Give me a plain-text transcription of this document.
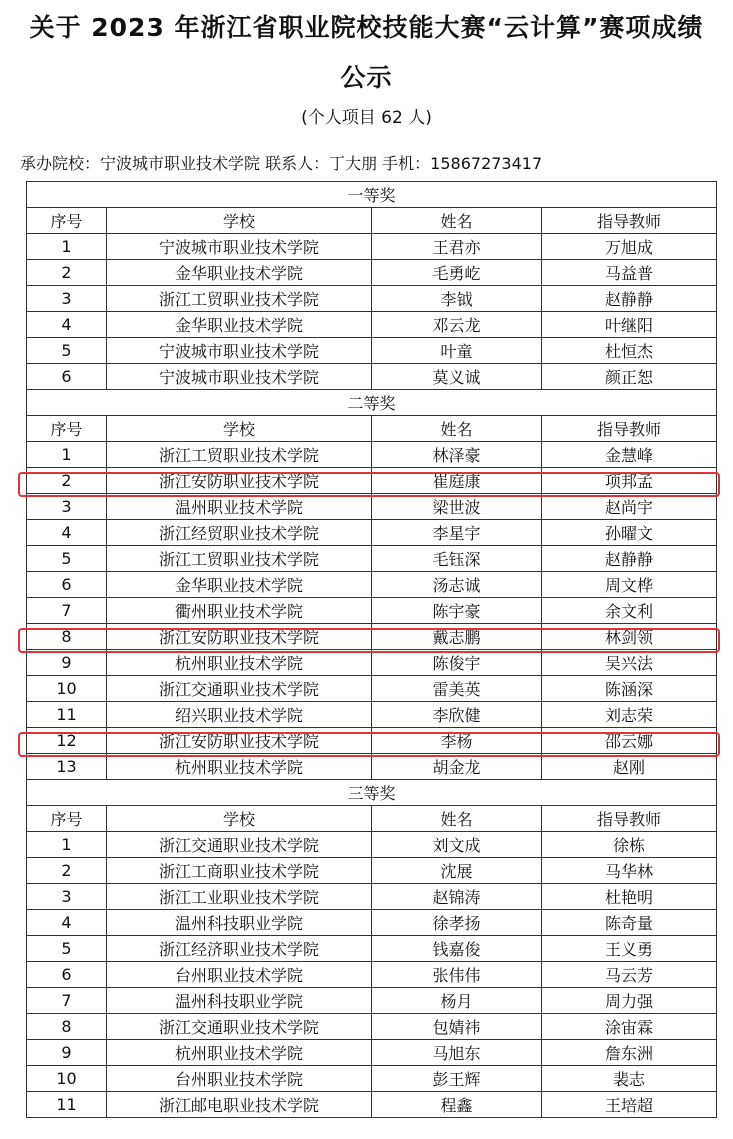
关于 2023 年浙江省职业院校技能大赛“云计算”赛项成绩
公示
(个人项目 62 人)
承办院校：宁波城市职业技术学院 联系人：丁大朋 手机：15867273417
一等奖			
序号	学校	姓名	指导教师
1	宁波城市职业技术学院	王君亦	万旭成
2	金华职业技术学院	毛勇屹	马益普
3	浙江工贸职业技术学院	李钺	赵静静
4	金华职业技术学院	邓云龙	叶继阳
5	宁波城市职业技术学院	叶童	杜恒杰
6	宁波城市职业技术学院	莫义诚	颜正恕
二等奖			
序号	学校	姓名	指导教师
1	浙江工贸职业技术学院	林泽豪	金慧峰
2	浙江安防职业技术学院	崔庭康	项邦孟
3	温州职业技术学院	梁世波	赵尚宇
4	浙江经贸职业技术学院	李星宇	孙曜文
5	浙江工贸职业技术学院	毛钰深	赵静静
6	金华职业技术学院	汤志诚	周文桦
7	衢州职业技术学院	陈宇豪	余文利
8	浙江安防职业技术学院	戴志鹏	林剑领
9	杭州职业技术学院	陈俊宇	吴兴法
10	浙江交通职业技术学院	雷美英	陈涵深
11	绍兴职业技术学院	李欣健	刘志荣
12	浙江安防职业技术学院	李杨	邵云娜
13	杭州职业技术学院	胡金龙	赵刚
三等奖			
序号	学校	姓名	指导教师
1	浙江交通职业技术学院	刘文成	徐栋
2	浙江工商职业技术学院	沈展	马华林
3	浙江工业职业技术学院	赵锦涛	杜艳明
4	温州科技职业学院	徐孝扬	陈奇量
5	浙江经济职业技术学院	钱嘉俊	王义勇
6	台州职业技术学院	张伟伟	马云芳
7	温州科技职业学院	杨月	周力强
8	浙江交通职业技术学院	包婧祎	涂宙霖
9	杭州职业技术学院	马旭东	詹东洲
10	台州职业技术学院	彭王辉	裴志
11	浙江邮电职业技术学院	程鑫	王培超
